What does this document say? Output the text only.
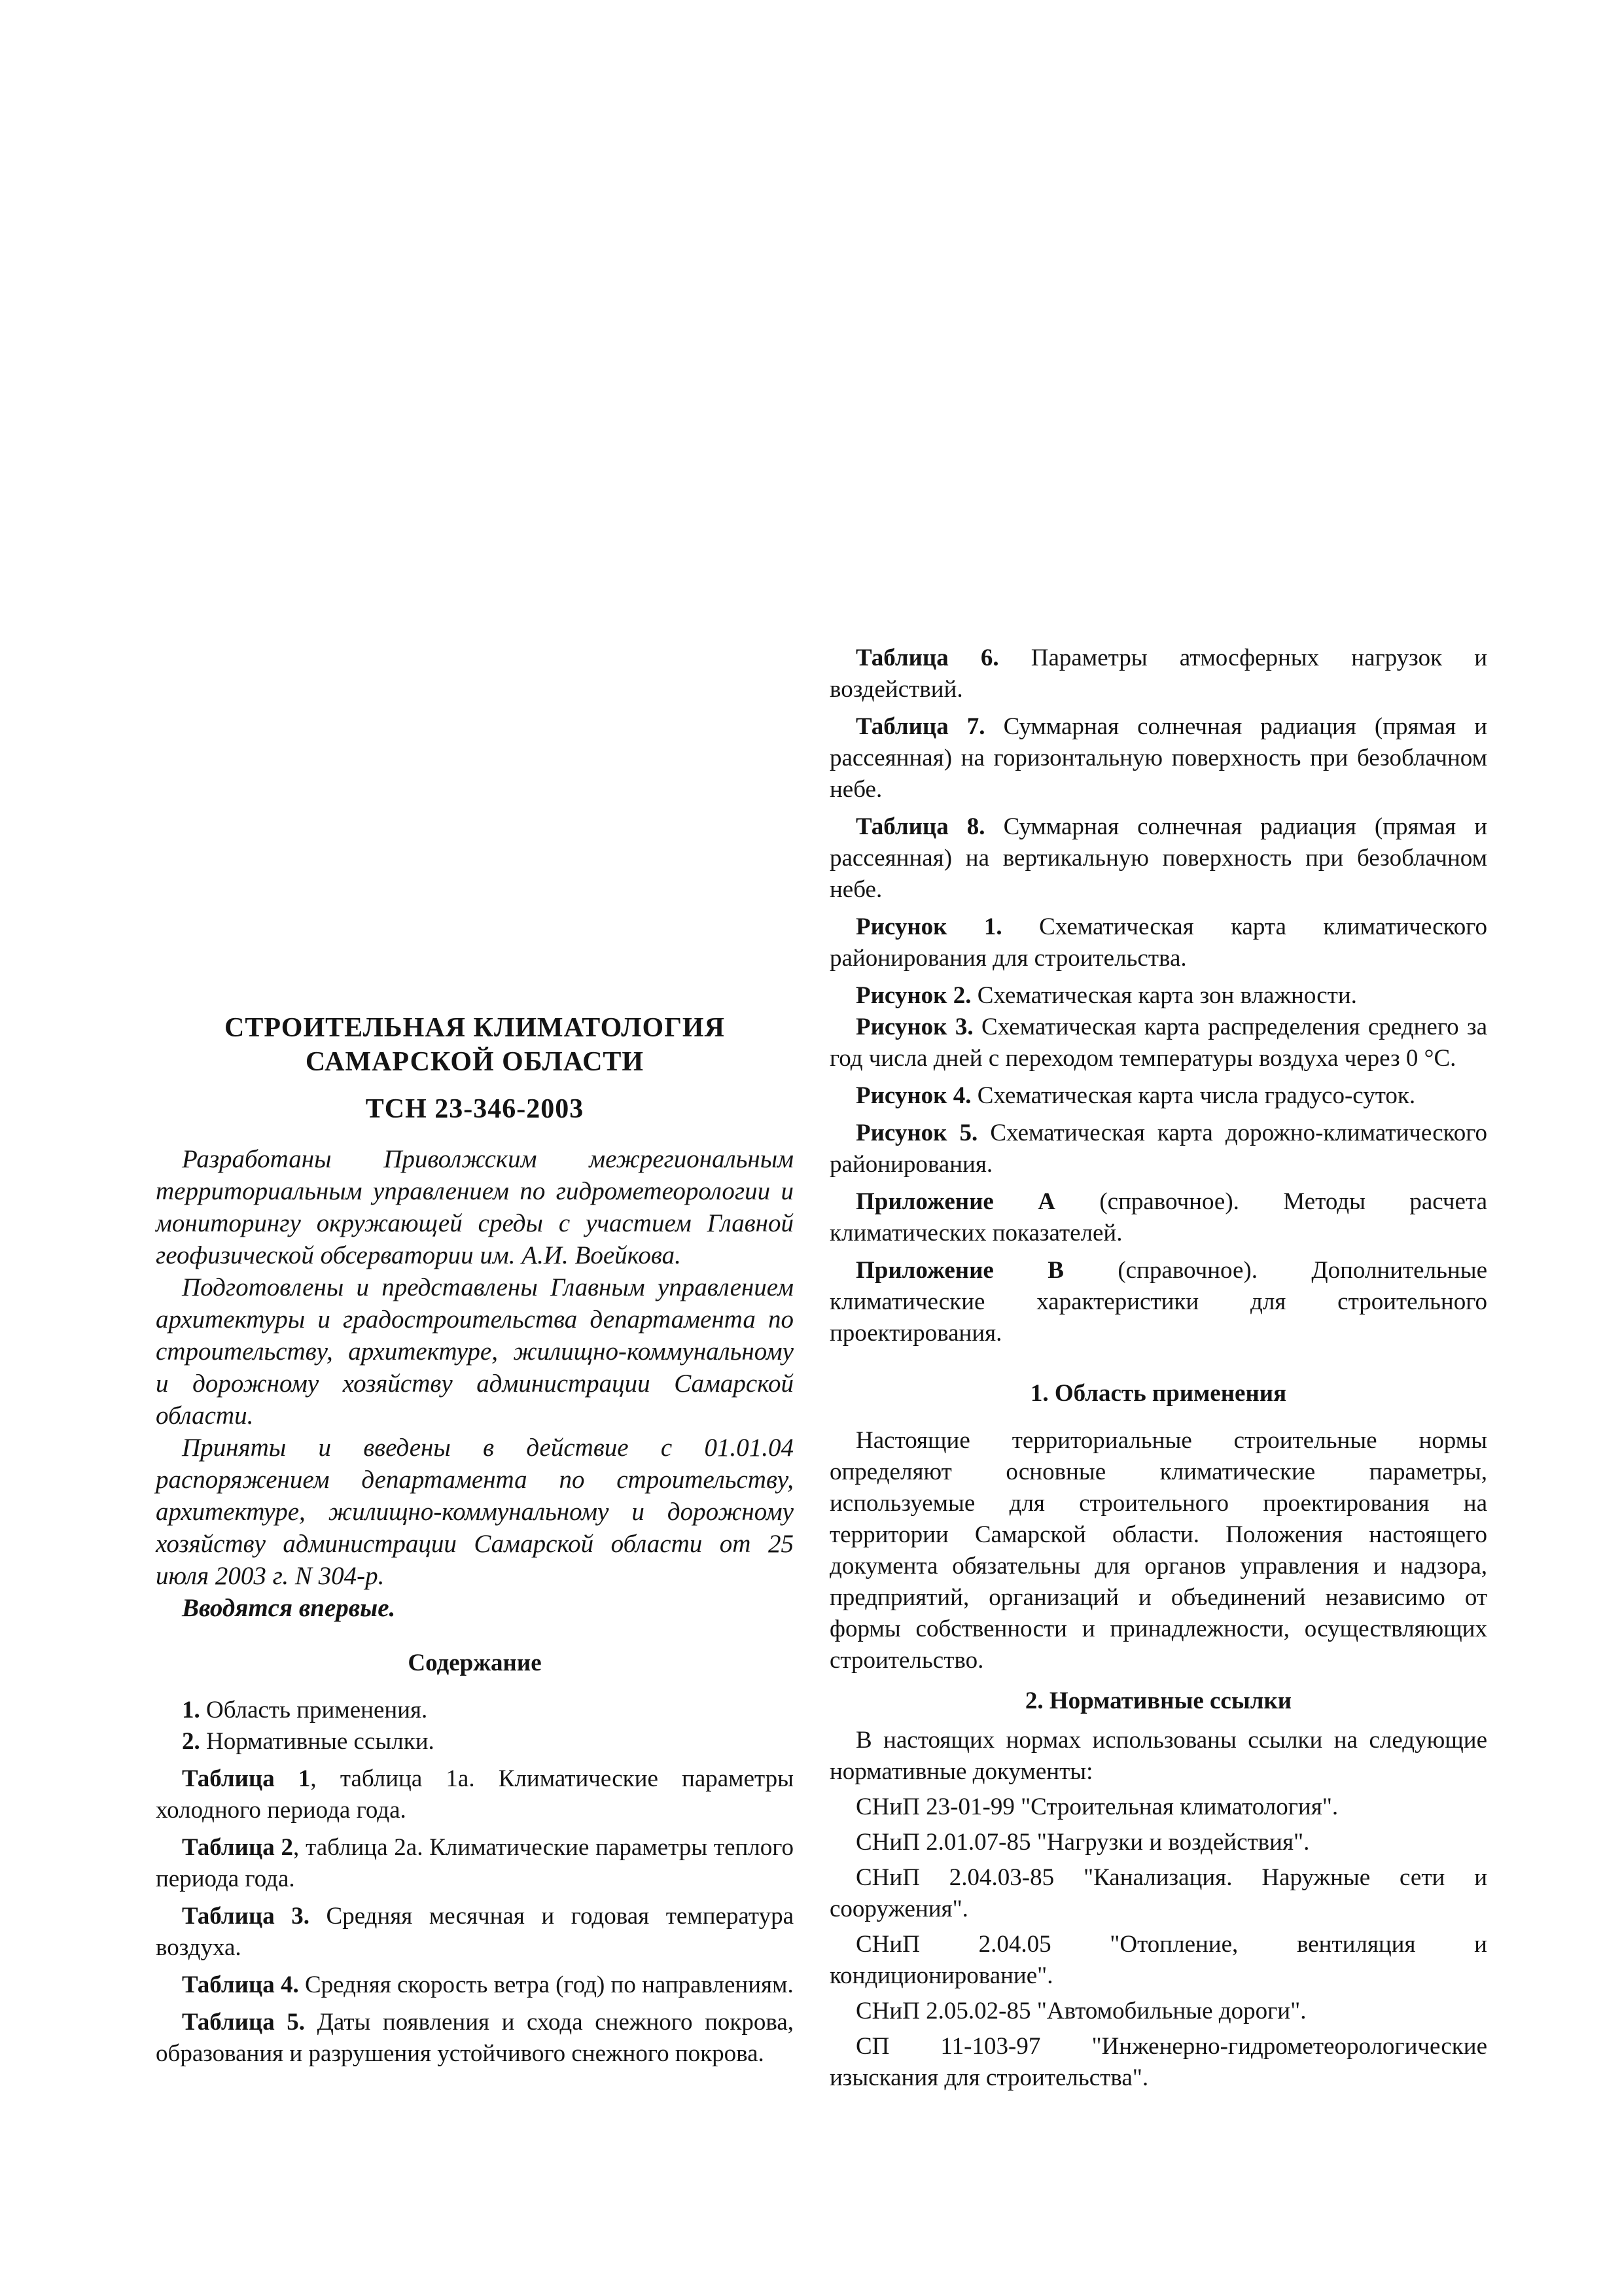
СТРОИТЕЛЬНАЯ КЛИМАТОЛОГИЯ
САМАРСКОЙ ОБЛАСТИ
ТСН 23-346-2003

Разработаны Приволжским межрегиональным территориальным управлением по гидрометеорологии и мониторингу окружающей среды с участием Главной геофизической обсерватории им. А.И. Воейкова.

Подготовлены и представлены Главным управлением архитектуры и градостроительства департамента по строительству, архитектуре, жилищно-коммунальному и дорожному хозяйству администрации Самарской области.

Приняты и введены в действие с 01.01.04 распоряжением департамента по строительству, архитектуре, жилищно-коммунальному и дорожному хозяйству администрации Самарской области от 25 июля 2003 г. N 304-р.

Вводятся впервые.

Содержание

1. Область применения.

2. Нормативные ссылки.

Таблица 1, таблица 1а. Климатические параметры холодного периода года.

Таблица 2, таблица 2а. Климатические параметры теплого периода года.

Таблица 3. Средняя месячная и годовая температура воздуха.

Таблица 4. Средняя скорость ветра (год) по направлениям.

Таблица 5. Даты появления и схода снежного покрова, образования и разрушения устойчивого снежного покрова.

Таблица 6. Параметры атмосферных нагрузок и воздействий.

Таблица 7. Суммарная солнечная радиация (прямая и рассеянная) на горизонтальную поверхность при безоблачном небе.

Таблица 8. Суммарная солнечная радиация (прямая и рассеянная) на вертикальную поверхность при безоблачном небе.

Рисунок 1. Схематическая карта климатического районирования для строительства.

Рисунок 2. Схематическая карта зон влажности.

Рисунок 3. Схематическая карта распределения среднего за год числа дней с переходом температуры воздуха через 0 °С.

Рисунок 4. Схематическая карта числа градусо-суток.

Рисунок 5. Схематическая карта дорожно-климатического районирования.

Приложение А (справочное). Методы расчета климатических показателей.

Приложение В (справочное). Дополнительные климатические характеристики для строительного проектирования.

1. Область применения

Настоящие территориальные строительные нормы определяют основные климатические параметры, используемые для строительного проектирования на территории Самарской области. Положения настоящего документа обязательны для органов управления и надзора, предприятий, организаций и объединений независимо от формы собственности и принадлежности, осуществляющих строительство.

2. Нормативные ссылки

В настоящих нормах использованы ссылки на следующие нормативные документы:

СНиП 23-01-99 "Строительная климатология".

СНиП 2.01.07-85 "Нагрузки и воздействия".

СНиП 2.04.03-85 "Канализация. Наружные сети и сооружения".

СНиП 2.04.05 "Отопление, вентиляция и кондиционирование".

СНиП 2.05.02-85 "Автомобильные дороги".

СП 11-103-97 "Инженерно-гидрометеорологические изыскания для строительства".
